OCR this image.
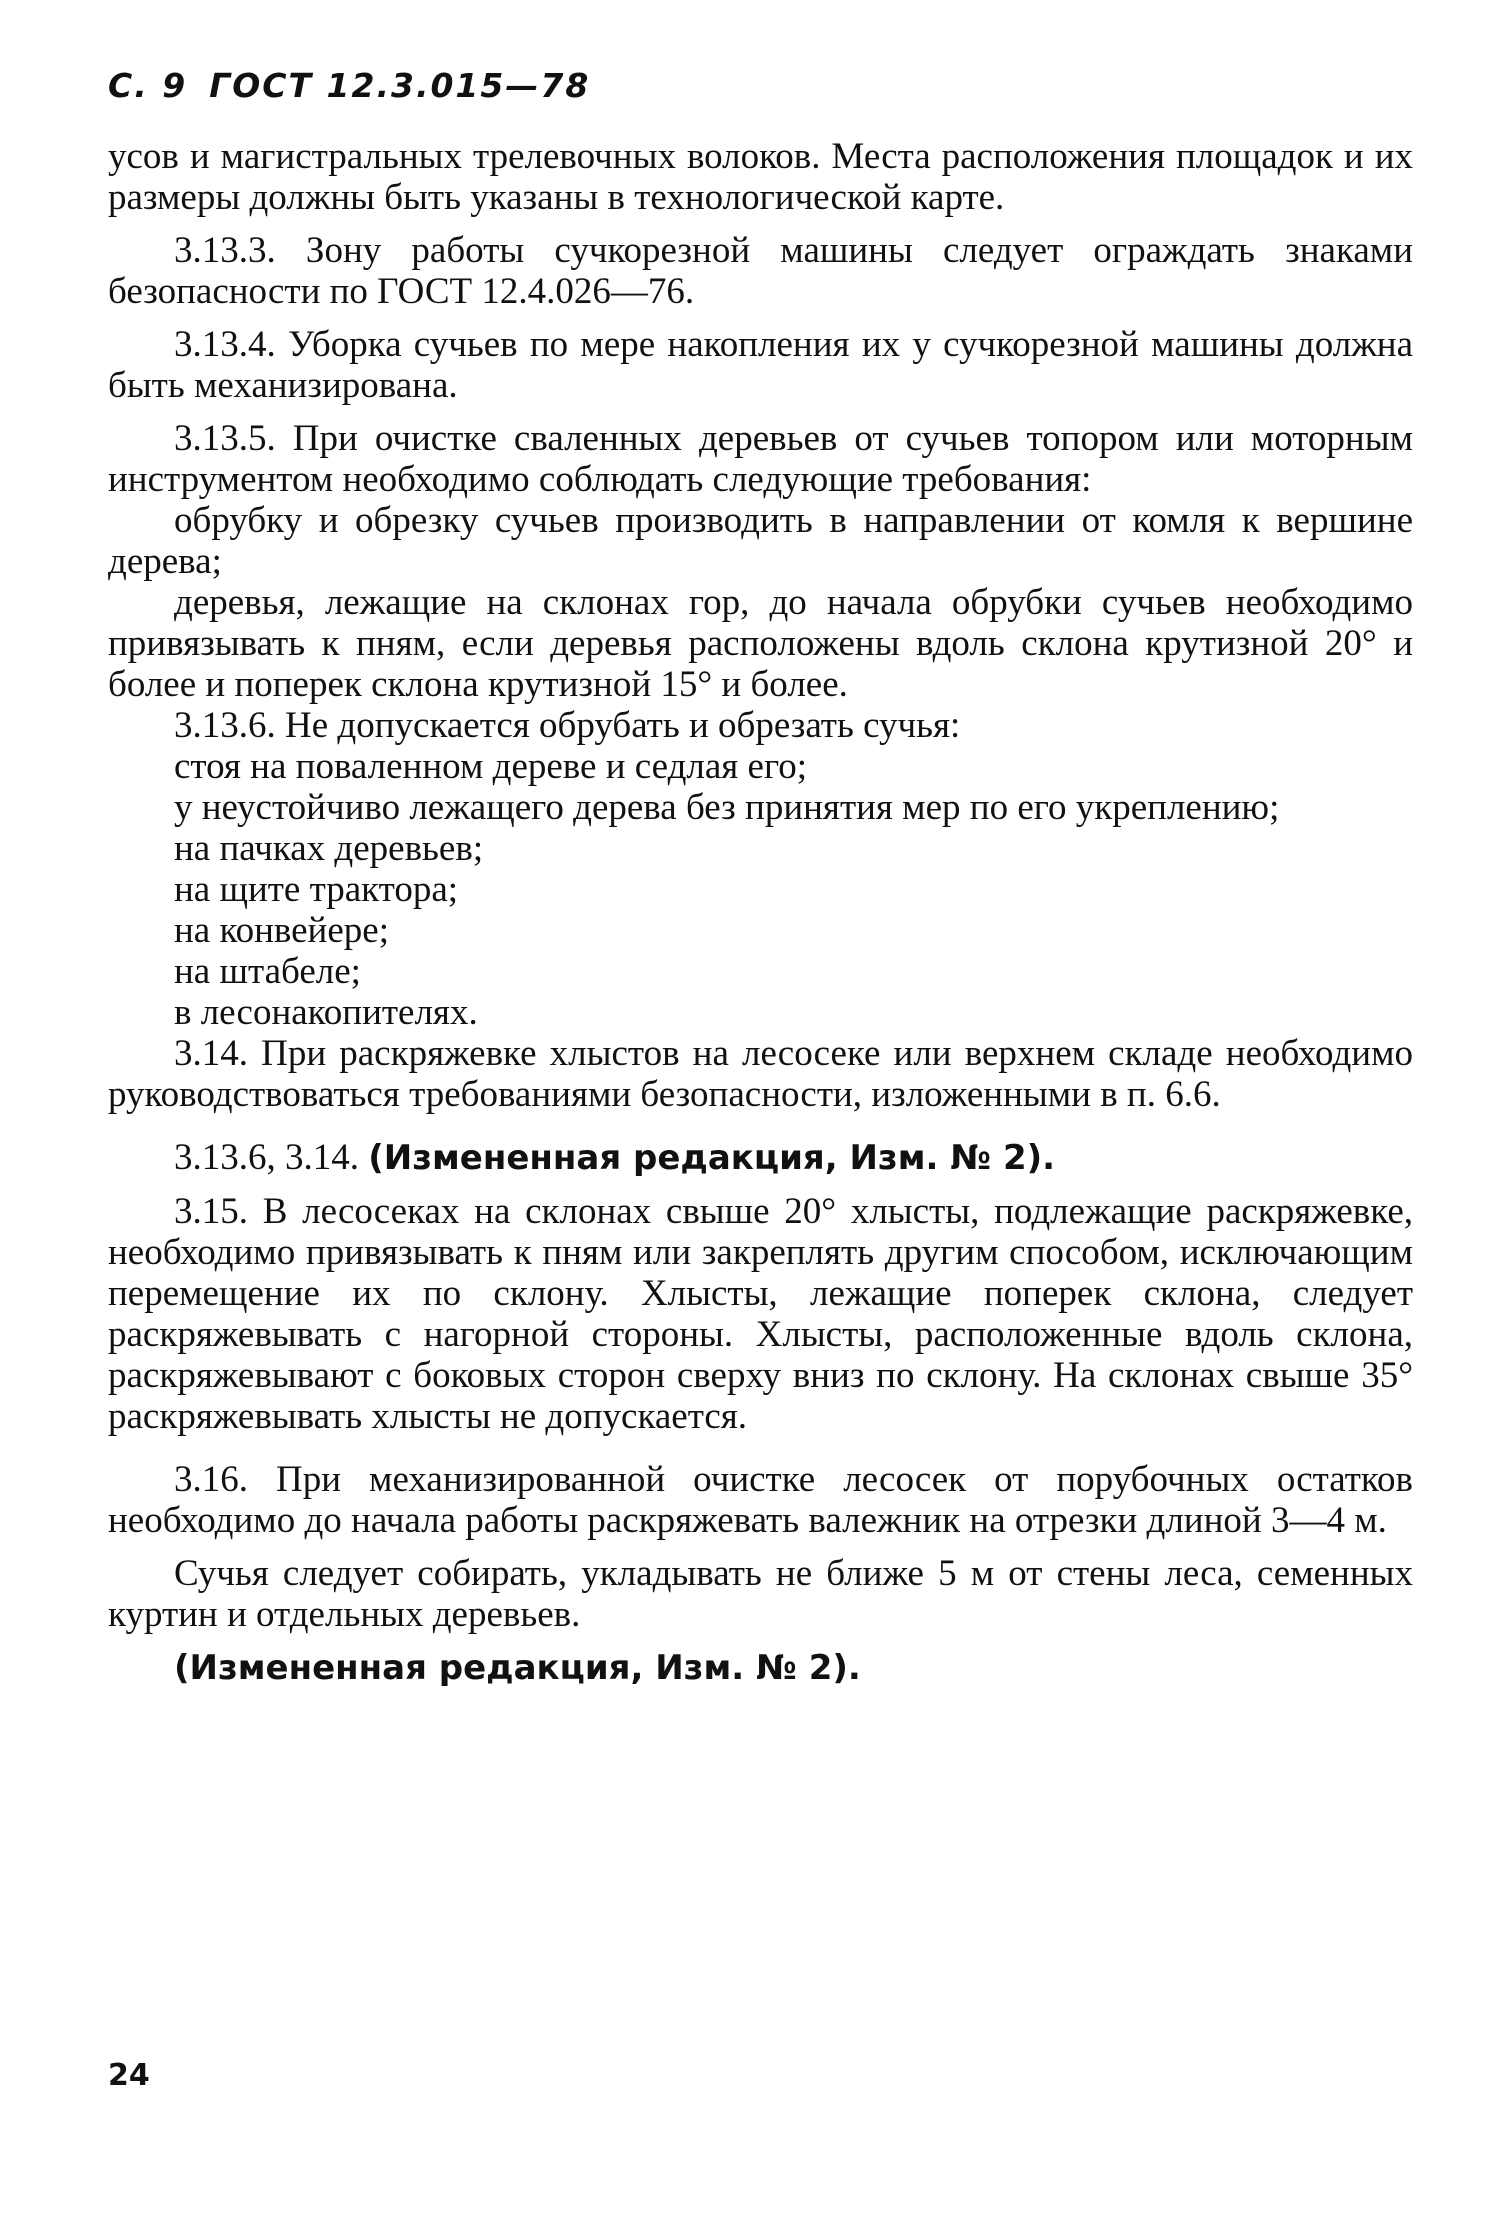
С. 9 ГОСТ 12.3.015—78

усов и магистральных трелевочных волоков. Места расположения площадок и их размеры должны быть указаны в технологической карте.

3.13.3. Зону работы сучкорезной машины следует ограждать знаками безопасности по ГОСТ 12.4.026—76.

3.13.4. Уборка сучьев по мере накопления их у сучкорезной машины должна быть механизирована.

3.13.5. При очистке сваленных деревьев от сучьев топором или моторным инструментом необходимо соблюдать следующие требования:

обрубку и обрезку сучьев производить в направлении от комля к вершине дерева;

деревья, лежащие на склонах гор, до начала обрубки сучьев необходимо привязывать к пням, если деревья расположены вдоль склона крутизной 20° и более и поперек склона крутизной 15° и более.

3.13.6. Не допускается обрубать и обрезать сучья:

стоя на поваленном дереве и седлая его;

у неустойчиво лежащего дерева без принятия мер по его укреплению;

на пачках деревьев;

на щите трактора;

на конвейере;

на штабеле;

в лесонакопителях.

3.14. При раскряжевке хлыстов на лесосеке или верхнем складе необходимо руководствоваться требованиями безопасности, изложенными в п. 6.6.

3.13.6, 3.14. (Измененная редакция, Изм. № 2).

3.15. В лесосеках на склонах свыше 20° хлысты, подлежащие раскряжевке, необходимо привязывать к пням или закреплять другим способом, исключающим перемещение их по склону. Хлысты, лежащие поперек склона, следует раскряжевывать с нагорной стороны. Хлысты, расположенные вдоль склона, раскряжевывают с боковых сторон сверху вниз по склону. На склонах свыше 35° раскряжевывать хлысты не допускается.

3.16. При механизированной очистке лесосек от порубочных остатков необходимо до начала работы раскряжевать валежник на отрезки длиной 3—4 м.

Сучья следует собирать, укладывать не ближе 5 м от стены леса, семенных куртин и отдельных деревьев.

(Измененная редакция, Изм. № 2).

24
